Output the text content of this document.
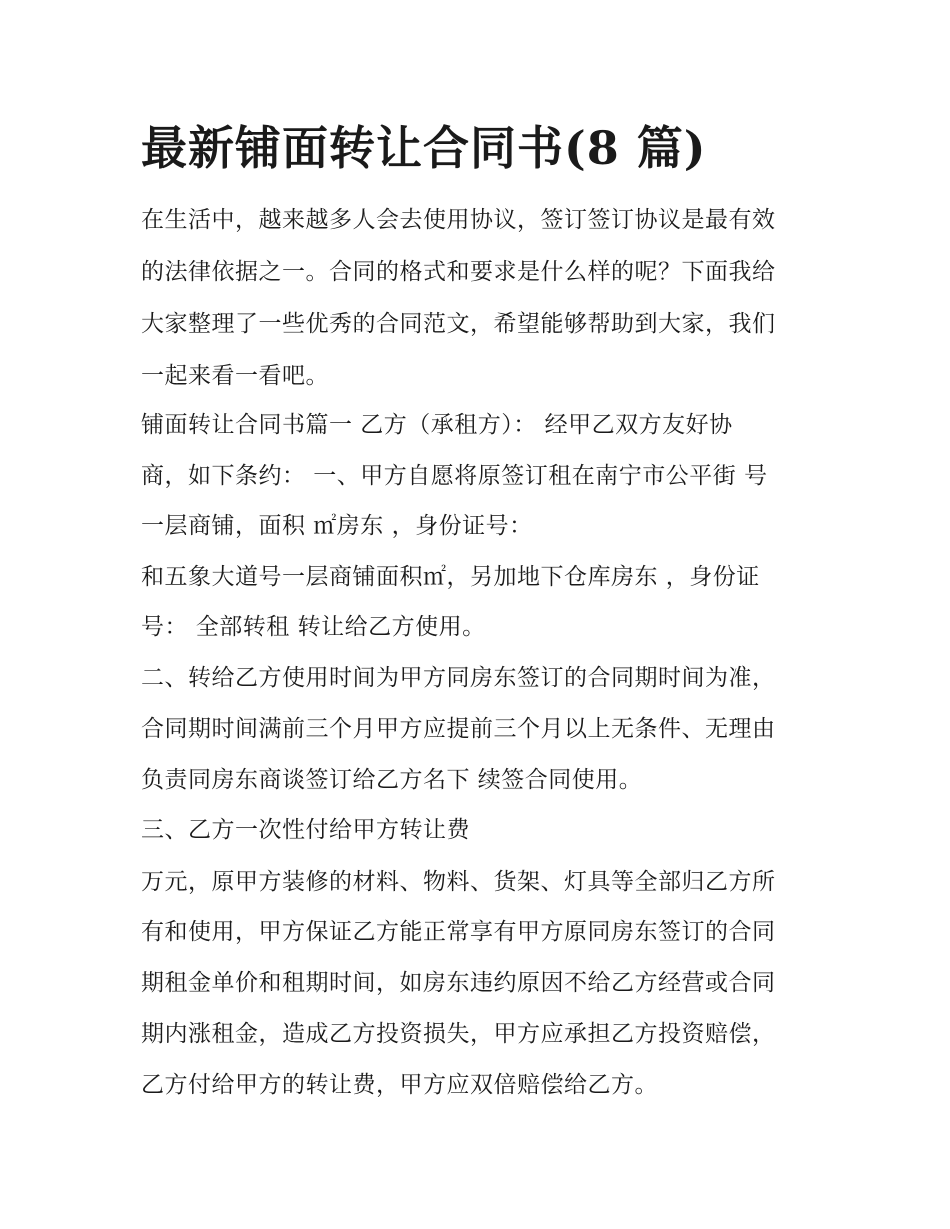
最新铺面转让合同书(8 篇)

在生活中，越来越多人会去使用协议，签订签订协议是最有效

的法律依据之一。合同的格式和要求是什么样的呢？下面我给

大家整理了一些优秀的合同范文，希望能够帮助到大家，我们

一起来看一看吧。

铺面转让合同书篇一 乙方（承租方）： 经甲乙双方友好协

商，如下条约： 一、甲方自愿将原签订租在南宁市公平街 号

一层商铺，面积 ㎡房东 ，身份证号：

和五象大道号一层商铺面积㎡，另加地下仓库房东 ，身份证

号： 全部转租 转让给乙方使用。

二、转给乙方使用时间为甲方同房东签订的合同期时间为准，

合同期时间满前三个月甲方应提前三个月以上无条件、无理由

负责同房东商谈签订给乙方名下 续签合同使用。

三、乙方一次性付给甲方转让费

万元，原甲方装修的材料、物料、货架、灯具等全部归乙方所

有和使用，甲方保证乙方能正常享有甲方原同房东签订的合同

期租金单价和租期时间，如房东违约原因不给乙方经营或合同

期内涨租金，造成乙方投资损失，甲方应承担乙方投资赔偿，

乙方付给甲方的转让费，甲方应双倍赔偿给乙方。
